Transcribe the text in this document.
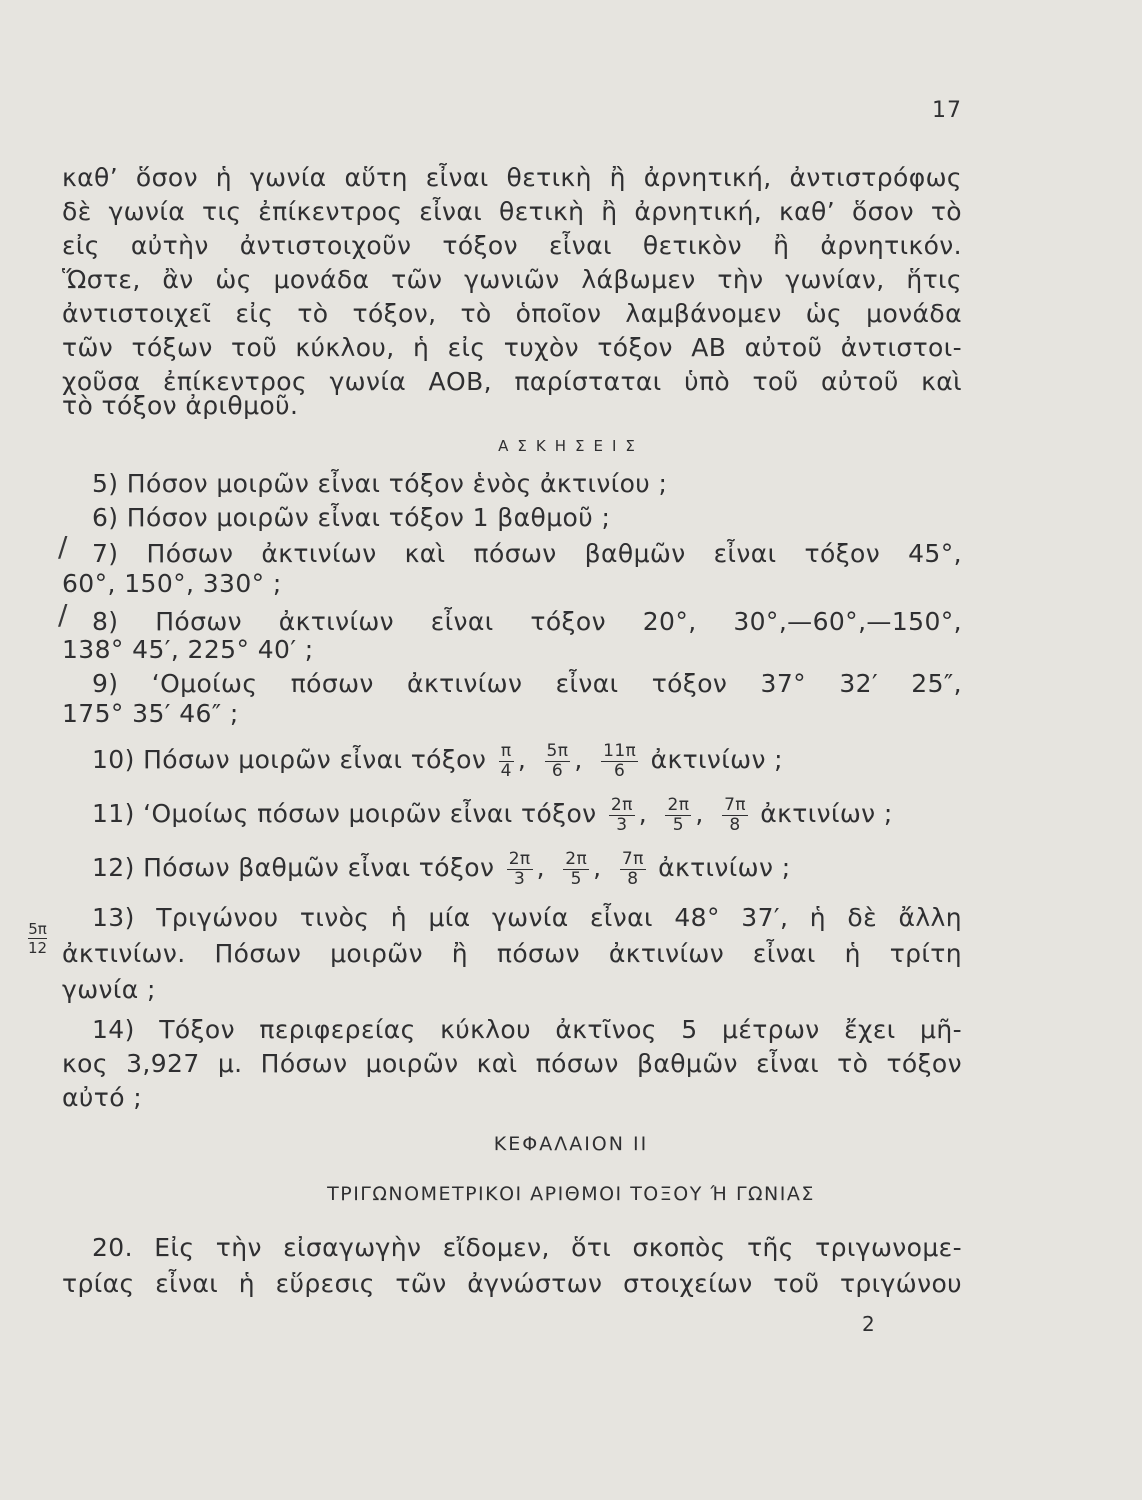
17
καθ’ ὅσον ἡ γωνία αὕτη εἶναι θετικὴ ἢ ἀρνητική, ἀντιστρόφως
δὲ γωνία τις ἐπίκεντρος εἶναι θετικὴ ἢ ἀρνητική, καθ’ ὅσον τὸ
εἰς αὐτὴν ἀντιστοιχοῦν τόξον εἶναι θετικὸν ἢ ἀρνητικόν.
Ὥστε, ἂν ὡς μονάδα τῶν γωνιῶν λάβωμεν τὴν γωνίαν, ἥτις
ἀντιστοιχεῖ εἰς τὸ τόξον, τὸ ὁποῖον λαμβάνομεν ὡς μονάδα
τῶν τόξων τοῦ κύκλου, ἡ εἰς τυχὸν τόξον ΑΒ αὐτοῦ ἀντιστοι-
χοῦσα ἐπίκεντρος γωνία ΑΟΒ, παρίσταται ὑπὸ τοῦ αὐτοῦ καὶ
τὸ τόξον ἀριθμοῦ.
ΑΣΚΗΣΕΙΣ
5) Πόσον μοιρῶν εἶναι τόξον ἑνὸς ἀκτινίου ;
6) Πόσον μοιρῶν εἶναι τόξον 1 βαθμοῦ ;
/ 7) Πόσων ἀκτινίων καὶ πόσων βαθμῶν εἶναι τόξον 45°,
60°, 150°, 330° ;
/ 8) Πόσων ἀκτινίων εἶναι τόξον 20°, 30°,—60°,—150°,
138° 45′, 225° 40′ ;
9) ‘Ομοίως πόσων ἀκτινίων εἶναι τόξον 37° 32′ 25″,
175° 35′ 46″ ;
10) Πόσων μοιρῶν εἶναι τόξον $\frac{\pi}{4}$ , $\frac{5\pi}{6}$ , $\frac{11\pi}{6}$ ἀκτινίων ;
11) ‘Ομοίως πόσων μοιρῶν εἶναι τόξον $\frac{2\pi}{3}$ , $\frac{2\pi}{5}$ , $\frac{7\pi}{8}$ ἀκτινίων ;
12) Πόσων βαθμῶν εἶναι τόξον $\frac{2\pi}{3}$ , $\frac{2\pi}{5}$ , $\frac{7\pi}{8}$ ἀκτινίων ;
13) Τριγώνου τινὸς ἡ μία γωνία εἶναι 48° 37′, ἡ δὲ ἄλλη
$\frac{5\pi}{12}$ ἀκτινίων. Πόσων μοιρῶν ἢ πόσων ἀκτινίων εἶναι ἡ τρίτη
γωνία ;
14) Τόξον περιφερείας κύκλου ἀκτῖνος 5 μέτρων ἔχει μῆ-
κος 3,927 μ. Πόσων μοιρῶν καὶ πόσων βαθμῶν εἶναι τὸ τόξον
αὐτό ;
ΚΕΦΑΛΑΙΟΝ ΙΙ
ΤΡΙΓΩΝΟΜΕΤΡΙΚΟΙ ΑΡΙΘΜΟΙ ΤΟΞΟΥ Ή ΓΩΝΙΑΣ
20. Εἰς τὴν εἰσαγωγὴν εἴδομεν, ὅτι σκοπὸς τῆς τριγωνομε-
τρίας εἶναι ἡ εὕρεσις τῶν ἀγνώστων στοιχείων τοῦ τριγώνου
2
